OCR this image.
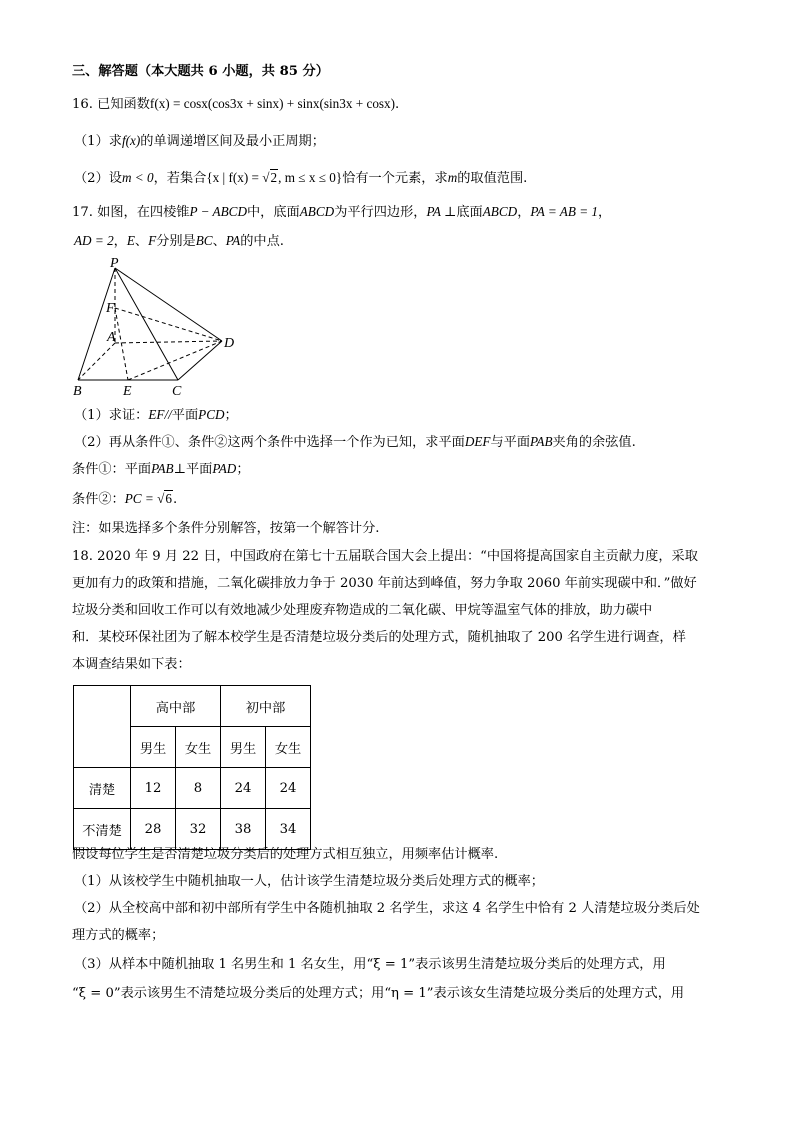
三、解答题（本大题共 6 小题，共 85 分）
16. 已知函数f(x) = cosx(cos3x + sinx) + sinx(sin3x + cosx).
（1）求f(x)的单调递增区间及最小正周期；
（2）设m < 0，若集合{x | f(x) = √2, m ≤ x ≤ 0}恰有一个元素，求m的取值范围.
17. 如图，在四棱锥P − ABCD中，底面ABCD为平行四边形，PA ⊥底面ABCD，PA = AB = 1，
AD = 2，E、F分别是BC、PA的中点.
P
F
A	D
B	E	C
（1）求证：EF//平面PCD；
（2）再从条件①、条件②这两个条件中选择一个作为已知，求平面DEF与平面PAB夹角的余弦值.
条件①：平面PAB⊥平面PAD；
条件②：PC = √6.
注：如果选择多个条件分别解答，按第一个解答计分.
18. 2020 年 9 月 22 日，中国政府在第七十五届联合国大会上提出：“中国将提高国家自主贡献力度，采取
更加有力的政策和措施，二氧化碳排放力争于 2030 年前达到峰值，努力争取 2060 年前实现碳中和．”做好
垃圾分类和回收工作可以有效地减少处理废弃物造成的二氧化碳、甲烷等温室气体的排放，助力碳中
和．某校环保社团为了解本校学生是否清楚垃圾分类后的处理方式，随机抽取了 200 名学生进行调查，样
本调查结果如下表：
	高中部		初中部	
	男生	女生	男生	女生
清楚	12	8	24	24
不清楚	28	32	38	34
假设每位学生是否清楚垃圾分类后的处理方式相互独立，用频率估计概率.
（1）从该校学生中随机抽取一人，估计该学生清楚垃圾分类后处理方式的概率；
（2）从全校高中部和初中部所有学生中各随机抽取 2 名学生，求这 4 名学生中恰有 2 人清楚垃圾分类后处
理方式的概率；
（3）从样本中随机抽取 1 名男生和 1 名女生，用“ξ = 1”表示该男生清楚垃圾分类后的处理方式，用
“ξ = 0”表示该男生不清楚垃圾分类后的处理方式；用“η = 1”表示该女生清楚垃圾分类后的处理方式，用
